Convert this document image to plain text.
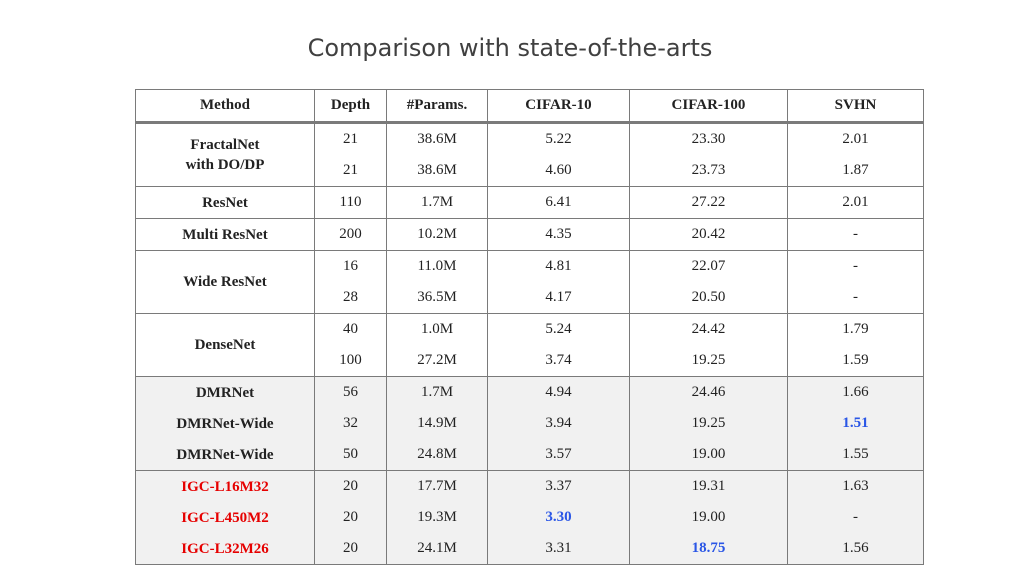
Comparison with state-of-the-arts
Method	Depth	#Params.	CIFAR-10	CIFAR-100	SVHN
FractalNet
with DO/DP	21	38.6M	5.22	23.30	2.01
	21	38.6M	4.60	23.73	1.87
ResNet	110	1.7M	6.41	27.22	2.01
Multi ResNet	200	10.2M	4.35	20.42	-
Wide ResNet	16	11.0M	4.81	22.07	-
	28	36.5M	4.17	20.50	-
DenseNet	40	1.0M	5.24	24.42	1.79
	100	27.2M	3.74	19.25	1.59
DMRNet	56	1.7M	4.94	24.46	1.66
DMRNet-Wide	32	14.9M	3.94	19.25	1.51
DMRNet-Wide	50	24.8M	3.57	19.00	1.55
IGC-L16M32	20	17.7M	3.37	19.31	1.63
IGC-L450M2	20	19.3M	3.30	19.00	-
IGC-L32M26	20	24.1M	3.31	18.75	1.56
